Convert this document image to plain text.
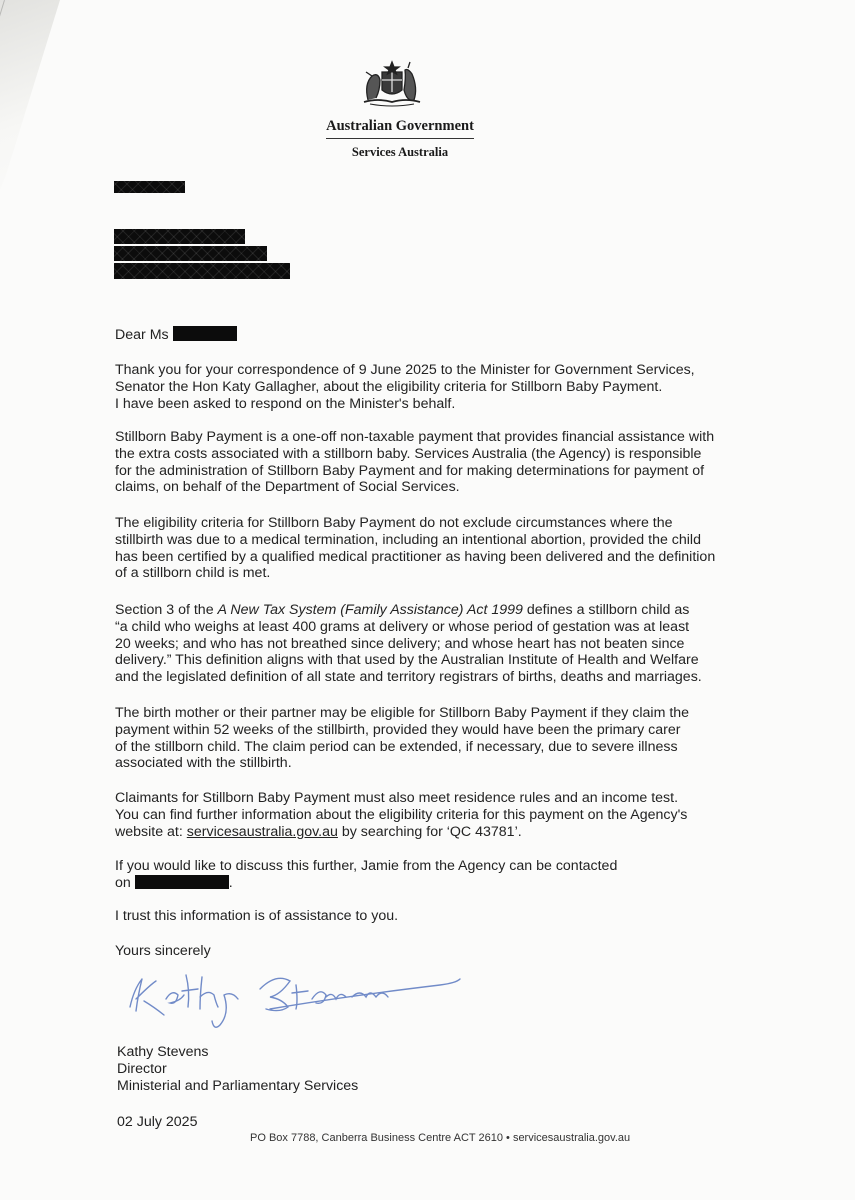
Australian Government
Services Australia
Dear Ms

Thank you for your correspondence of 9 June 2025 to the Minister for Government Services,
Senator the Hon Katy Gallagher, about the eligibility criteria for Stillborn Baby Payment.
I have been asked to respond on the Minister's behalf.

Stillborn Baby Payment is a one-off non-taxable payment that provides financial assistance with
the extra costs associated with a stillborn baby. Services Australia (the Agency) is responsible
for the administration of Stillborn Baby Payment and for making determinations for payment of
claims, on behalf of the Department of Social Services.

The eligibility criteria for Stillborn Baby Payment do not exclude circumstances where the
stillbirth was due to a medical termination, including an intentional abortion, provided the child
has been certified by a qualified medical practitioner as having been delivered and the definition
of a stillborn child is met.

Section 3 of the A New Tax System (Family Assistance) Act 1999 defines a stillborn child as
“a child who weighs at least 400 grams at delivery or whose period of gestation was at least
20 weeks; and who has not breathed since delivery; and whose heart has not beaten since
delivery.” This definition aligns with that used by the Australian Institute of Health and Welfare
and the legislated definition of all state and territory registrars of births, deaths and marriages.

The birth mother or their partner may be eligible for Stillborn Baby Payment if they claim the
payment within 52 weeks of the stillbirth, provided they would have been the primary carer
of the stillborn child. The claim period can be extended, if necessary, due to severe illness
associated with the stillbirth.

Claimants for Stillborn Baby Payment must also meet residence rules and an income test.
You can find further information about the eligibility criteria for this payment on the Agency's
website at: servicesaustralia.gov.au by searching for ‘QC 43781’.

If you would like to discuss this further, Jamie from the Agency can be contacted
on	.

I trust this information is of assistance to you.

Yours sincerely

Kathy Stevens
Director
Ministerial and Parliamentary Services
02 July 2025
PO Box 7788, Canberra Business Centre ACT 2610 • servicesaustralia.gov.au
